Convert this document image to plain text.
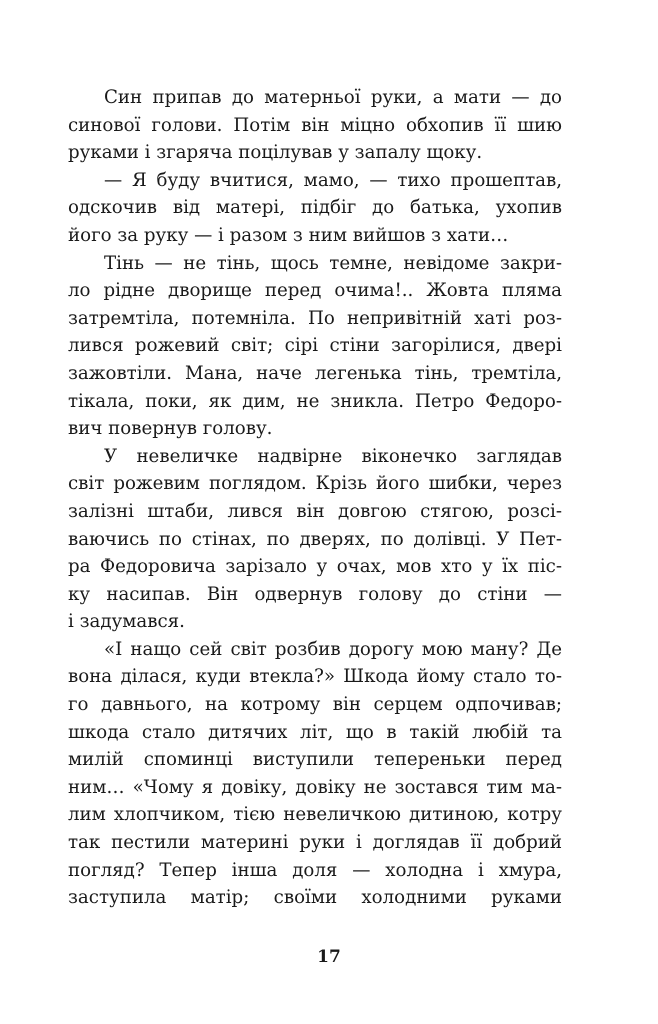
Син припав до матерньої руки, а мати — до
синової голови. Потім він міцно обхопив її шию
руками і згаряча поцілував у запалу щоку.
— Я буду вчитися, мамо, — тихо прошептав,
одскочив від матері, підбіг до батька, ухопив
його за руку — і разом з ним вийшов з хати…
Тінь — не тінь, щось темне, невідоме закри-
ло рідне дворище перед очима!.. Жовта пляма
затремтіла, потемніла. По непривітній хаті роз-
лився рожевий світ; сірі стіни загорілися, двері
зажовтіли. Мана, наче легенька тінь, тремтіла,
тікала, поки, як дим, не зникла. Петро Федоро-
вич повернув голову.
У невеличке надвірне віконечко заглядав
світ рожевим поглядом. Крізь його шибки, через
залізні штаби, лився він довгою стягою, розсі-
ваючись по стінах, по дверях, по долівці. У Пет-
ра Федоровича зарізало у очах, мов хто у їх піс-
ку насипав. Він одвернув голову до стіни —
і задумався.
«І нащо сей світ розбив дорогу мою ману? Де
вона ділася, куди втекла?» Шкода йому стало то-
го давнього, на котрому він серцем одпочивав;
шкода стало дитячих літ, що в такій любій та
милій споминці виступили тепереньки перед
ним… «Чому я довіку, довіку не зостався тим ма-
лим хлопчиком, тією невеличкою дитиною, котру
так пестили материні руки і доглядав її добрий
погляд? Тепер інша доля — холодна і хмура,
заступила матір; своїми холодними руками
17
